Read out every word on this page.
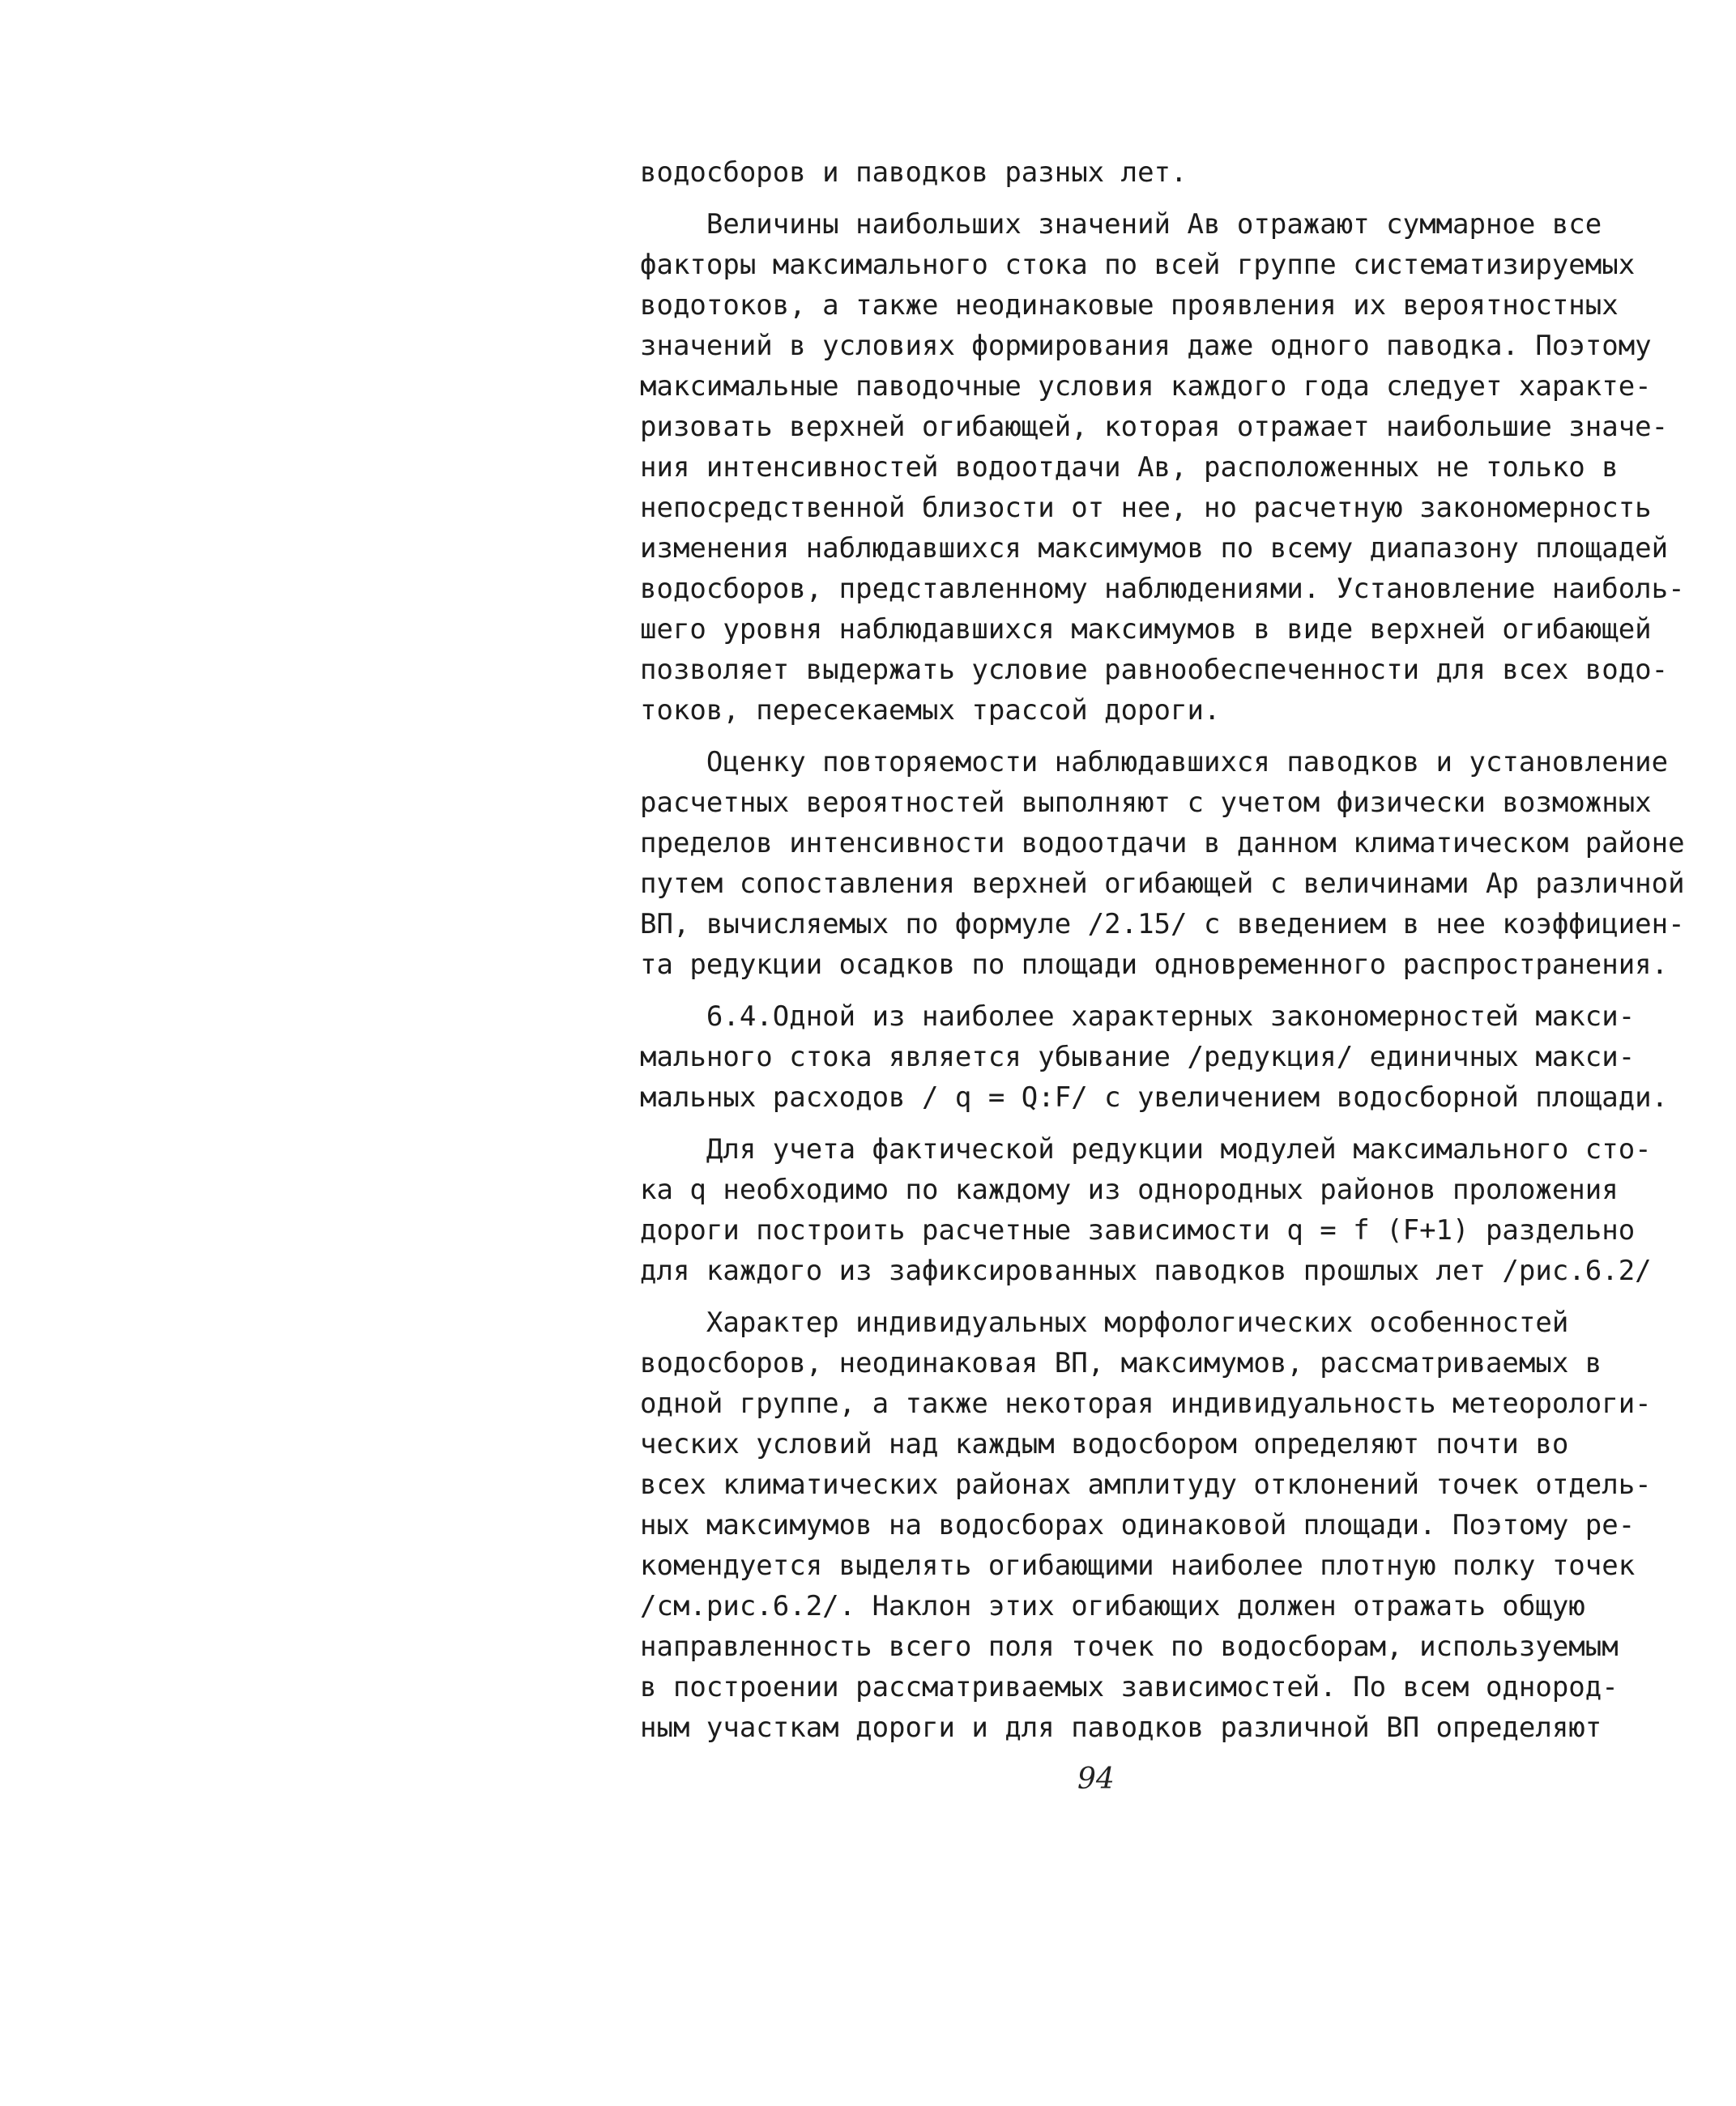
водосборов и паводков разных лет.
Величины наибольших значений Ав отражают суммарное все
факторы максимального стока по всей группе систематизируемых
водотоков, а также неодинаковые проявления их вероятностных
значений в условиях формирования даже одного паводка. Поэтому
максимальные паводочные условия каждого года следует характе-
ризовать верхней огибающей, которая отражает наибольшие значе-
ния интенсивностей водоотдачи Ав, расположенных не только в
непосредственной близости от нее, но расчетную закономерность
изменения наблюдавшихся максимумов по всему диапазону площадей
водосборов, представленному наблюдениями. Установление наиболь-
шего уровня наблюдавшихся максимумов в виде верхней огибающей
позволяет выдержать условие равнообеспеченности для всех водо-
токов, пересекаемых трассой дороги.
Оценку повторяемости наблюдавшихся паводков и установление
расчетных вероятностей выполняют с учетом физически возможных
пределов интенсивности водоотдачи в данном климатическом районе
путем сопоставления верхней огибающей с величинами Ар различной
ВП, вычисляемых по формуле /2.15/ с введением в нее коэффициен-
та редукции осадков по площади одновременного распространения.
6.4.Одной из наиболее характерных закономерностей макси-
мального стока является убывание /редукция/ единичных макси-
мальных расходов / q = Q:F/ с увеличением водосборной площади.
Для учета фактической редукции модулей максимального сто-
ка q необходимо по каждому из однородных районов проложения
дороги построить расчетные зависимости q = f (F+1) раздельно
для каждого из зафиксированных паводков прошлых лет /рис.6.2/
Характер индивидуальных морфологических особенностей
водосборов, неодинаковая ВП, максимумов, рассматриваемых в
одной группе, а также некоторая индивидуальность метеорологи-
ческих условий над каждым водосбором определяют почти во
всех климатических районах амплитуду отклонений точек отдель-
ных максимумов на водосборах одинаковой площади. Поэтому ре-
комендуется выделять огибающими наиболее плотную полку точек
/см.рис.6.2/. Наклон этих огибающих должен отражать общую
направленность всего поля точек по водосборам, используемым
в построении рассматриваемых зависимостей. По всем однород-
ным участкам дороги и для паводков различной ВП определяют
94
